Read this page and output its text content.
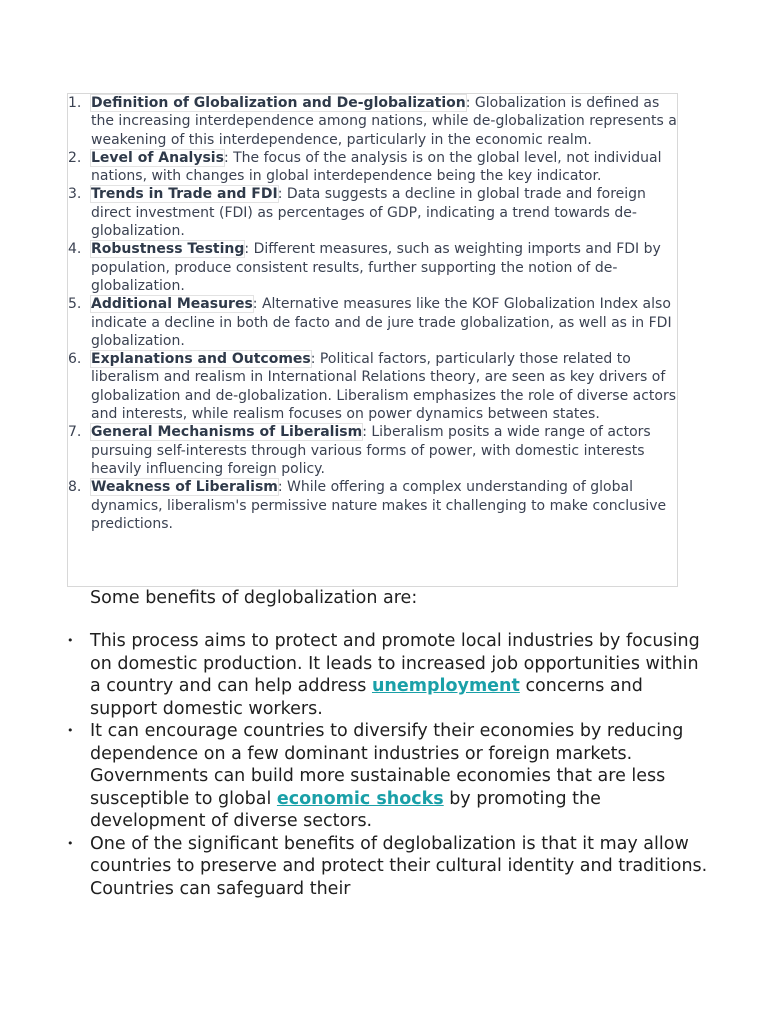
Definition of Globalization and De-globalization: Globalization is defined as the increasing interdependence among nations, while de-globalization represents a weakening of this interdependence, particularly in the economic realm.
Level of Analysis: The focus of the analysis is on the global level, not individual nations, with changes in global interdependence being the key indicator.
Trends in Trade and FDI: Data suggests a decline in global trade and foreign direct investment (FDI) as percentages of GDP, indicating a trend towards de-globalization.
Robustness Testing: Different measures, such as weighting imports and FDI by population, produce consistent results, further supporting the notion of de-globalization.
Additional Measures: Alternative measures like the KOF Globalization Index also indicate a decline in both de facto and de jure trade globalization, as well as in FDI globalization.
Explanations and Outcomes: Political factors, particularly those related to liberalism and realism in International Relations theory, are seen as key drivers of globalization and de-globalization. Liberalism emphasizes the role of diverse actors and interests, while realism focuses on power dynamics between states.
General Mechanisms of Liberalism: Liberalism posits a wide range of actors pursuing self-interests through various forms of power, with domestic interests heavily influencing foreign policy.
Weakness of Liberalism: While offering a complex understanding of global dynamics, liberalism's permissive nature makes it challenging to make conclusive predictions.

Some benefits of deglobalization are:

• This process aims to protect and promote local industries by focusing on domestic production. It leads to increased job opportunities within a country and can help address unemployment concerns and support domestic workers.
• It can encourage countries to diversify their economies by reducing dependence on a few dominant industries or foreign markets. Governments can build more sustainable economies that are less susceptible to global economic shocks by promoting the development of diverse sectors.
• One of the significant benefits of deglobalization is that it may allow countries to preserve and protect their cultural identity and traditions. Countries can safeguard their
